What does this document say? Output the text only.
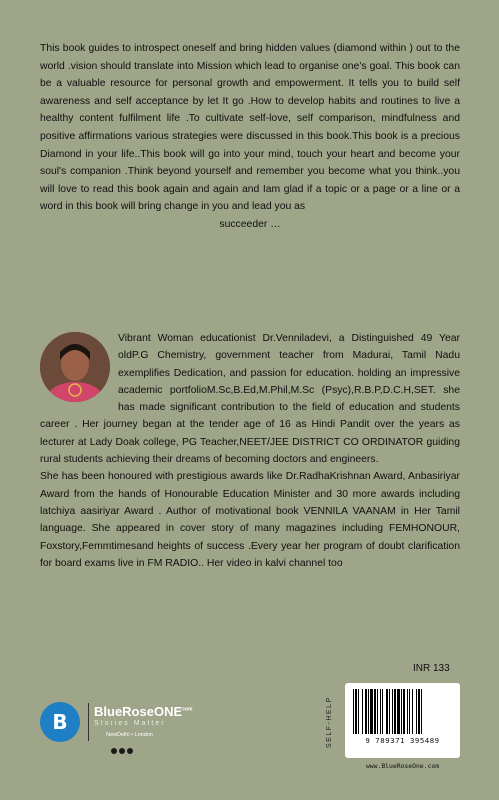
This book guides to introspect oneself and bring hidden values (diamond within ) out to the world .vision should translate into Mission which lead to organise one's goal. This book can be a valuable resource for personal growth and empowerment. It tells you to build self awareness and self acceptance by let It go .How to develop habits and routines to live a healthy content fulfilment life .To cultivate self-love, self comparison, mindfulness and positive affirmations various strategies were discussed in this book.This book is a precious Diamond in your life..This book will go into your mind, touch your heart and become your soul's companion .Think beyond yourself and remember you become what you think..you will love to read this book again and again and Iam glad if a topic or a page or a line or a word in this book will bring change in you and lead you as
succeeder …

Vibrant Woman educationist Dr.Venniladevi, a Distinguished 49 Year oldP.G Chemistry, government teacher from Madurai, Tamil Nadu exemplifies Dedication, and passion for education. holding an impressive academic portfolioM.Sc,B.Ed,M.Phil,M.Sc (Psyc),R.B.P,D.C.H,SET. she has made significant contribution to the field of education and students career . Her journey began at the tender age of 16 as Hindi Pandit over the years as lecturer at Lady Doak college, PG Teacher,NEET/JEE DISTRICT CO ORDINATOR guiding rural students achieving their dreams of becoming doctors and engineers.

She has been honoured with prestigious awards like Dr.RadhaKrishnan Award, Anbasiriyar Award from the hands of Honourable Education Minister and 30 more awards including latchiya aasiriyar Award . Author of motivational book VENNILA VAANAM in Her Tamil language. She appeared in cover story of many magazines including FEMHONOUR, Foxstory,Femmtimesand heights of success .Every year her program of doubt clarification for board exams live in FM RADIO.. Her video in kalvi channel too

B	BlueRoseONE$^{com}$
Stories Matter
NewDelhi • London	SELF-HELP
INR 133
9 789371 395489
www.BlueRoseOne.com
